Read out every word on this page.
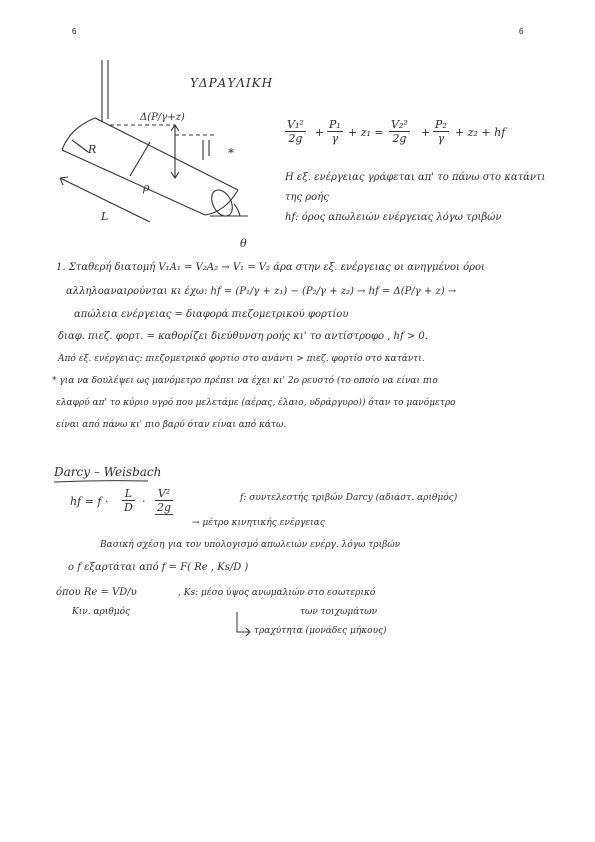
6	6
ΥΔΡΑΥΛΙΚΗ
Δ(P/γ+z)
R
ρ
L
θ
*
$\frac{\text{V₁²}}{2g} + \frac{\text{P₁}}{\gamma} + z_1 = \frac{\text{V₂²}}{2g} + \frac{\text{P₂}}{\gamma} + z_2$ + hf
Η εξ. ενέργειας γράφεται απ' το πάνω στο κατάντι
της ροής
hf: όρος απωλειών ενέργειας λόγω τριβών
1. Σταθερή διατομή V₁A₁ = V₂A₂ → V₁ = V₂ άρα στην εξ. ενέργειας οι ανηγμένοι όροι
αλληλοαναιρούνται κι έχω: hf = (P₁/γ + z₁) − (P₂/γ + z₂) → hf = Δ(P/γ + z) →
απώλεια ενέργειας = διαφορά πιεζομετρικού φορτίου
διαφ. πιεζ. φορτ. = καθορίζει διεύθυνση ροής κι' το αντίστροφο , hf > 0.
Από εξ. ενέργειας: πιεζομετρικό φορτίο στο ανάντι > πιεζ. φορτίο στο κατάντι.
* για να δουλέψει ως μανόμετρο πρέπει να έχει κι' 2ο ρευστό (το οποίο να είναι πιο
ελαφρύ απ' το κύριο υγρό που μελετάμε (αέρας, έλαιο, υδράργυρο)) όταν το μανόμετρο
είναι από πάνω κι' πιο βαρύ όταν είναι από κάτω.
Darcy – Weisbach
hf = $f \cdot \frac{L}{D} \cdot \frac{\text{V²}}{2g}$	f: συντελεστής τριβών Darcy (αδιάστ. αριθμός)
→ μέτρο κινητικής ενέργειας
Βασική σχέση για τον υπολογισμό απωλειών ενέργ. λόγω τριβών
ο f εξαρτάται από f = F( Re , Ks/D )
όπου Re = VD/υ	, Ks: μέσο ύψος ανωμαλιών στο εσωτερικό
Κιν. αριθμός	των τοιχωμάτων
τραχύτητα (μονάδες μήκους)
